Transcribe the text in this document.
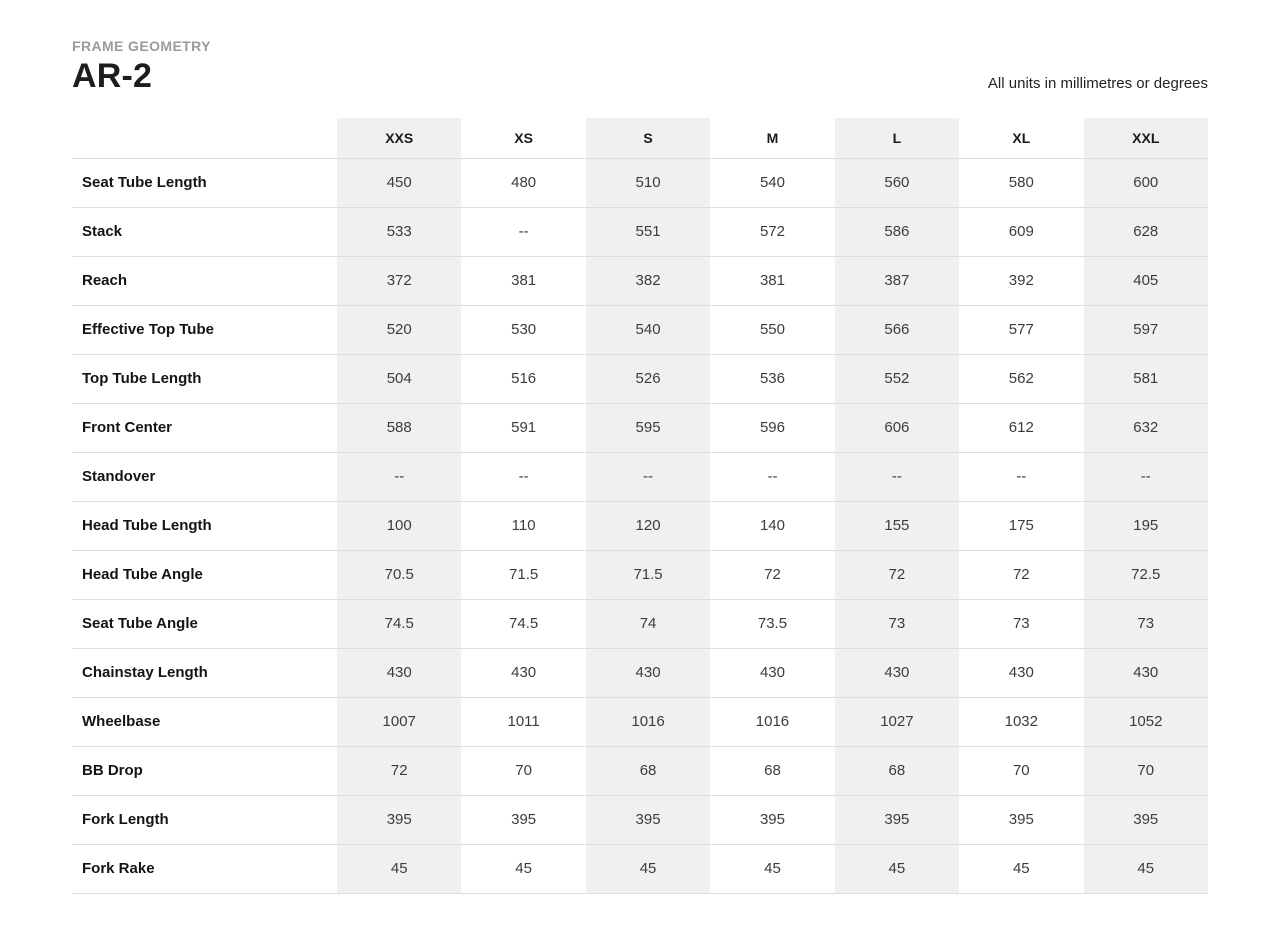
FRAME GEOMETRY
AR-2	All units in millimetres or degrees
	XXS	XS	S	M	L	XL	XXL
Seat Tube Length	450	480	510	540	560	580	600
Stack	533	--	551	572	586	609	628
Reach	372	381	382	381	387	392	405
Effective Top Tube	520	530	540	550	566	577	597
Top Tube Length	504	516	526	536	552	562	581
Front Center	588	591	595	596	606	612	632
Standover	--	--	--	--	--	--	--
Head Tube Length	100	110	120	140	155	175	195
Head Tube Angle	70.5	71.5	71.5	72	72	72	72.5
Seat Tube Angle	74.5	74.5	74	73.5	73	73	73
Chainstay Length	430	430	430	430	430	430	430
Wheelbase	1007	1011	1016	1016	1027	1032	1052
BB Drop	72	70	68	68	68	70	70
Fork Length	395	395	395	395	395	395	395
Fork Rake	45	45	45	45	45	45	45
